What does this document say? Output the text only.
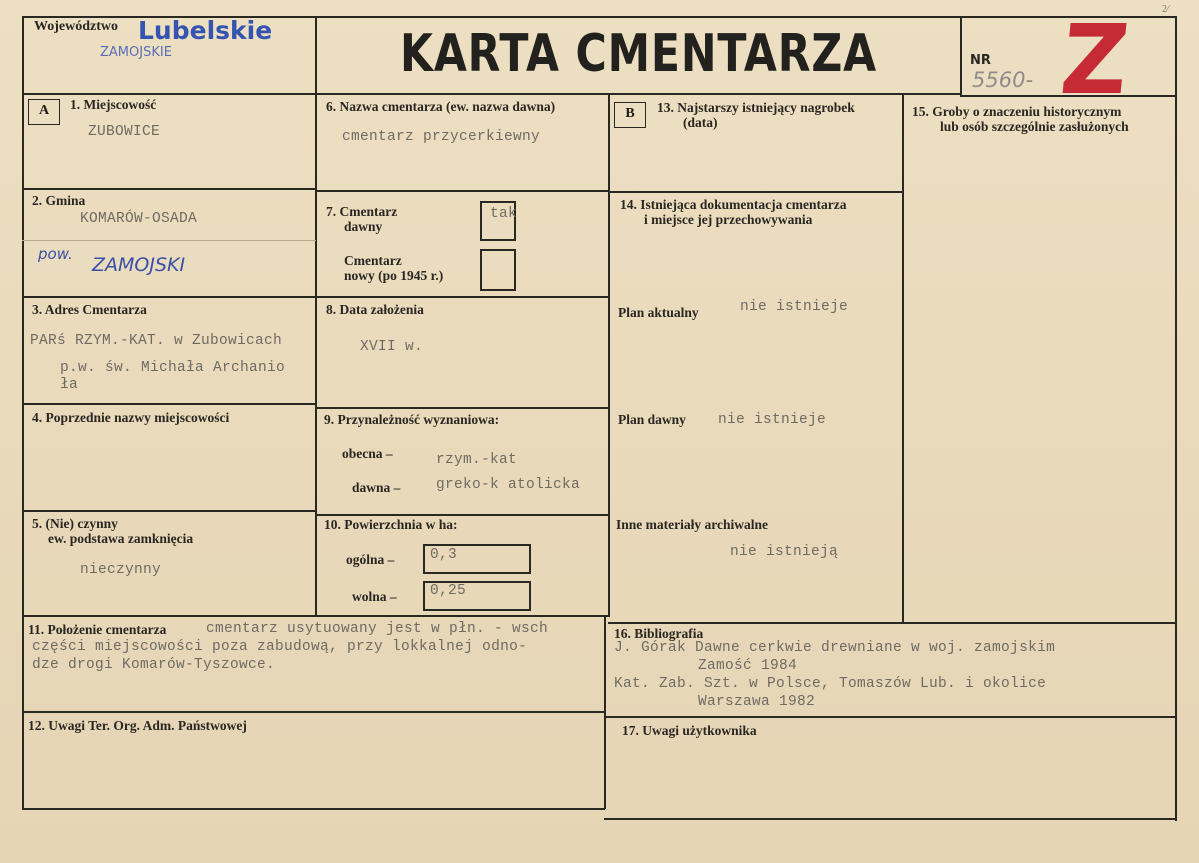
Województwo Lubelskie
ZAMOJSKIE	KARTA CMENTARZA	NR
5560- Z	2⁄
A	1. Miejscowość
ZUBOWICE
2. Gmina
KOMARÓW-OSADA
pow. ZAMOJSKI
3. Adres Cmentarza
PARś RZYM.-KAT. w Zubowicach
p.w. św. Michała Archanio
ła
4. Poprzednie nazwy miejscowości
5. (Nie) czynny
ew. podstawa zamknięcia
nieczynny
6. Nazwa cmentarza (ew. nazwa dawna)
cmentarz przycerkiewny
7. Cmentarz
dawny
tak
Cmentarz
nowy (po 1945 r.)
8. Data założenia
XVII w.
9. Przynależność wyznaniowa:
obecna –	rzym.-kat
dawna – greko-k atolicka
10. Powierzchnia w ha:
ogólna – 0,3
wolna – 0,25
B	13. Najstarszy istniejący nagrobek
(data)
14. Istniejąca dokumentacja cmentarza
i miejsce jej przechowywania
Plan aktualny	nie istnieje
Plan dawny nie istnieje
Inne materiały archiwalne
nie istnieją
15. Groby o znaczeniu historycznym
lub osób szczególnie zasłużonych
11. Położenie cmentarza	cmentarz usytuowany jest w płn. - wsch
części miejscowości poza zabudową, przy lokkalnej odno-
dze drogi Komarów-Tyszowce.
16. Bibliografia
J. Górak Dawne cerkwie drewniane w woj. zamojskim
Zamość 1984
Kat. Zab. Szt. w Polsce, Tomaszów Lub. i okolice
Warszawa 1982
12. Uwagi Ter. Org. Adm. Państwowej	17. Uwagi użytkownika
